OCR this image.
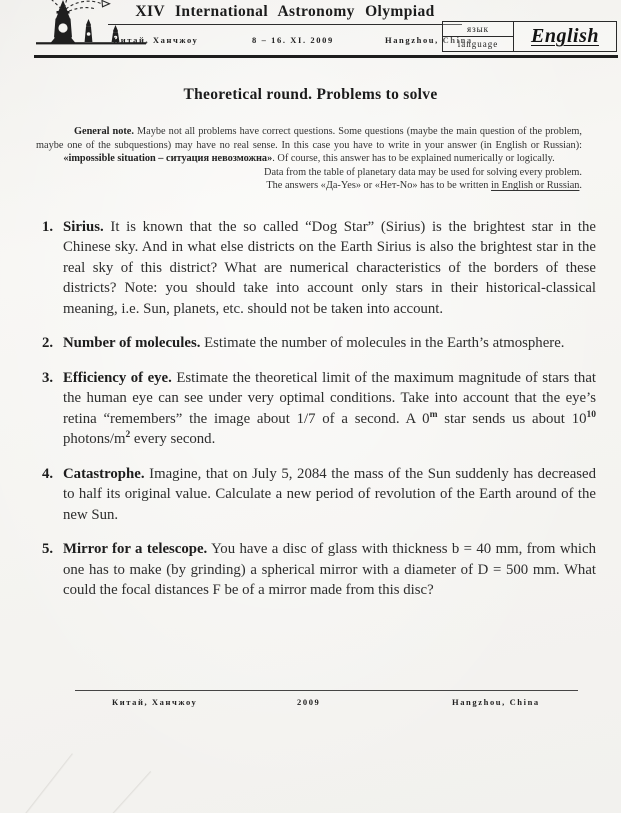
XIV International Astronomy Olympiad
Китай, Ханчжоу	8 – 16. XI. 2009	Hangzhou, China
язык
language	English
Theoretical round. Problems to solve
General note. Maybe not all problems have correct questions. Some questions (maybe the main question of the problem,
maybe one of the subquestions) may have no real sense. In this case you have to write in your answer (in English or Russian):
«impossible situation – ситуация невозможна». Of course, this answer has to be explained numerically or logically.
Data from the table of planetary data may be used for solving every problem.
The answers «Да-Yes» or «Нет-No» has to be written in English or Russian.
1. Sirius. It is known that the so called “Dog Star” (Sirius) is the brightest star in the Chinese sky. And in what else districts on the Earth Sirius is also the brightest star in the real sky of this district? What are numerical characteristics of the borders of these districts? Note: you should take into account only stars in their historical-classical meaning, i.e. Sun, planets, etc. should not be taken into account.
2. Number of molecules. Estimate the number of molecules in the Earth’s atmosphere.
3. Efficiency of eye. Estimate the theoretical limit of the maximum magnitude of stars that the human eye can see under very optimal conditions. Take into account that the eye’s retina “remembers” the image about 1/7 of a second. A 0$^m$ star sends us about $10^{10}$ photons/$m^2$ every second.
4. Catastrophe. Imagine, that on July 5, 2084 the mass of the Sun suddenly has decreased to half its original value. Calculate a new period of revolution of the Earth around of the new Sun.
5. Mirror for a telescope. You have a disc of glass with thickness b = 40 mm, from which one has to make (by grinding) a spherical mirror with a diameter of D = 500 mm. What could the focal distances F be of a mirror made from this disc?
Китай, Ханчжоу	2009	Hangzhou, China
